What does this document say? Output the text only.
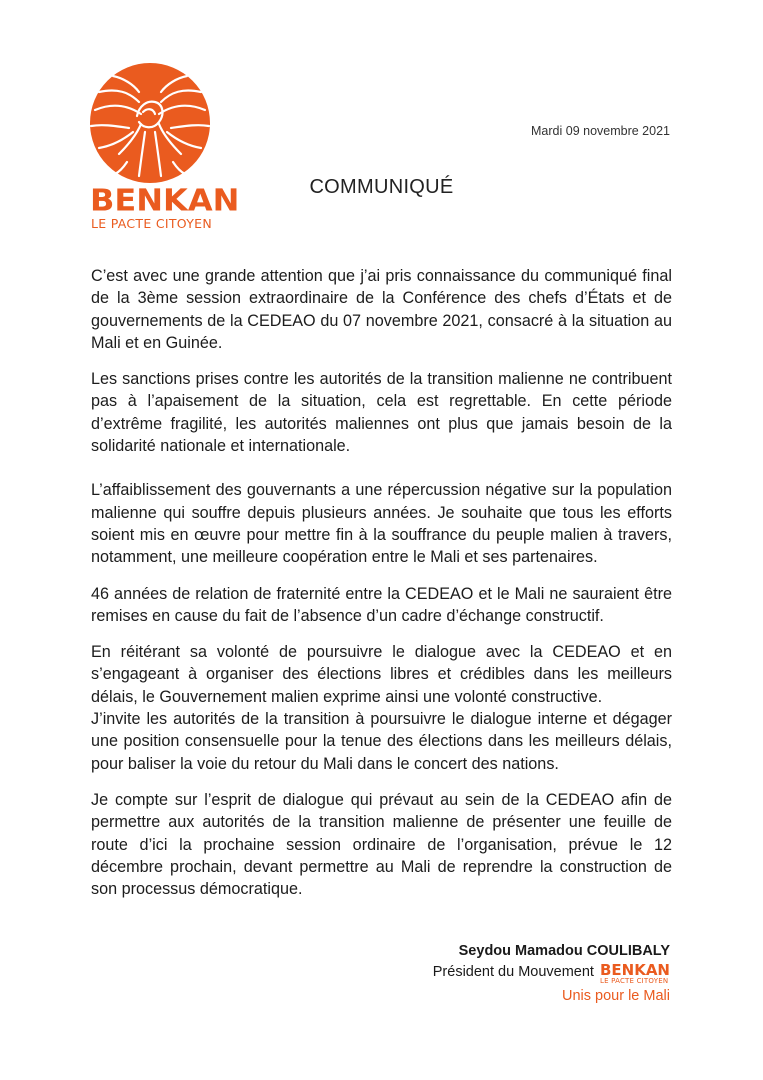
BENKAN
LE PACTE CITOYEN
Mardi 09 novembre 2021
COMMUNIQUÉ

C’est avec une grande attention que j’ai pris connaissance du communiqué final de la 3ème session extraordinaire de la Conférence des chefs d’États et de gouvernements de la CEDEAO du 07 novembre 2021, consacré à la situation au Mali et en Guinée.

Les sanctions prises contre les autorités de la transition malienne ne contribuent pas à l’apaisement de la situation, cela est regrettable. En cette période d’extrême fragilité, les autorités maliennes ont plus que jamais besoin de la solidarité nationale et internationale.

L’affaiblissement des gouvernants a une répercussion négative sur la population malienne qui souffre depuis plusieurs années. Je souhaite que tous les efforts soient mis en œuvre pour mettre fin à la souffrance du peuple malien à travers, notamment, une meilleure coopération entre le Mali et ses partenaires.

46 années de relation de fraternité entre la CEDEAO et le Mali ne sauraient être remises en cause du fait de l’absence d’un cadre d’échange constructif.

En réitérant sa volonté de poursuivre le dialogue avec la CEDEAO et en s’engageant à organiser des élections libres et crédibles dans les meilleurs délais, le Gouvernement malien exprime ainsi une volonté constructive.

J’invite les autorités de la transition à poursuivre le dialogue interne et dégager une position consensuelle pour la tenue des élections dans les meilleurs délais, pour baliser la voie du retour du Mali dans le concert des nations.

Je compte sur l’esprit de dialogue qui prévaut au sein de la CEDEAO afin de permettre aux autorités de la transition malienne de présenter une feuille de route d’ici la prochaine session ordinaire de l’organisation, prévue le 12 décembre prochain, devant permettre au Mali de reprendre la construction de son processus démocratique.

Seydou Mamadou COULIBALY
Président du Mouvement BENKAN
LE PACTE CITOYEN
Unis pour le Mali
